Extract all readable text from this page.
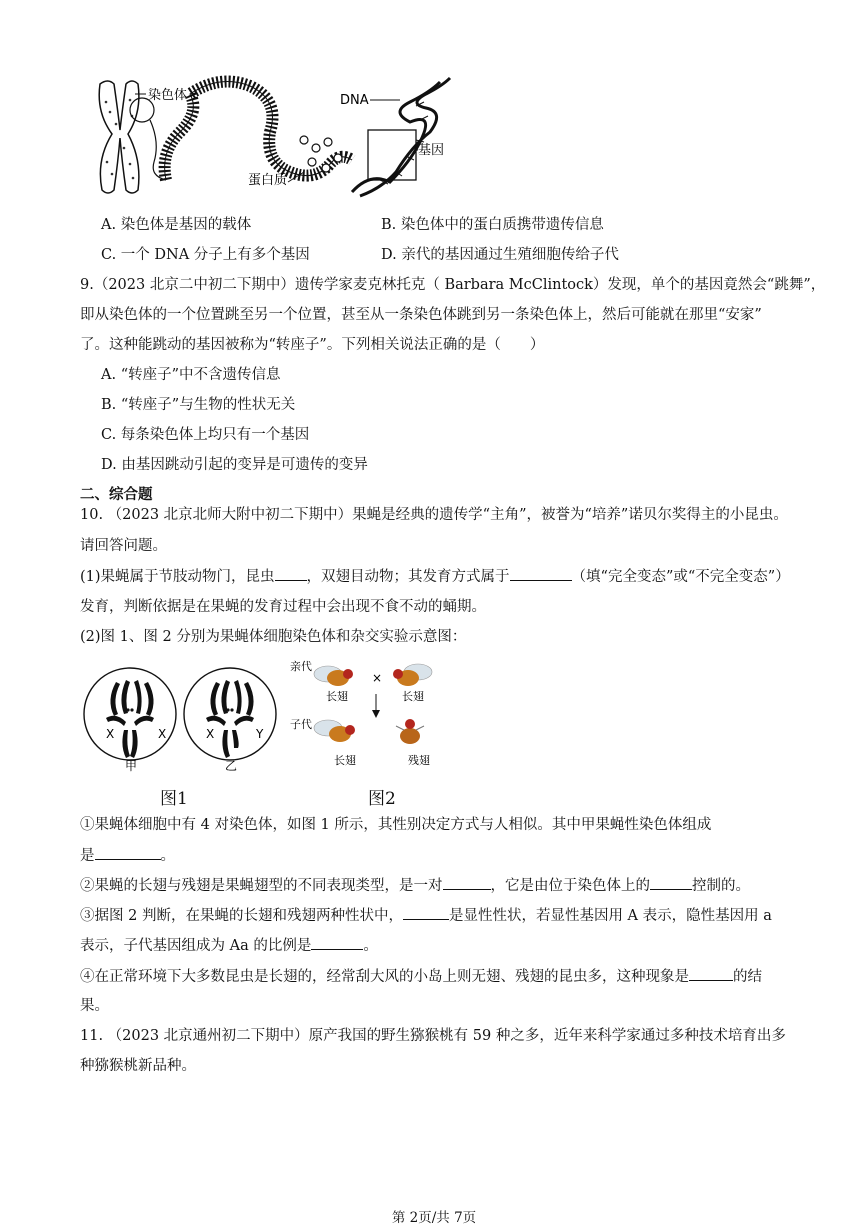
染色体	DNA
基因
蛋白质
A. 染色体是基因的载体	B. 染色体中的蛋白质携带遗传信息
C. 一个 DNA 分子上有多个基因	D. 亲代的基因通过生殖细胞传给子代
9.（2023 北京二中初二下期中）遗传学家麦克林托克（ Barbara McClintock）发现，单个的基因竟然会“跳舞”，
即从染色体的一个位置跳至另一个位置，甚至从一条染色体跳到另一条染色体上，然后可能就在那里“安家”
了。这种能跳动的基因被称为“转座子”。下列相关说法正确的是（　　）
A. “转座子”中不含遗传信息
B. “转座子”与生物的性状无关
C. 每条染色体上均只有一个基因
D. 由基因跳动引起的变异是可遗传的变异
二、综合题
10. （2023 北京北师大附中初二下期中）果蝇是经典的遗传学“主角”，被誉为“培养”诺贝尔奖得主的小昆虫。
请回答问题。
(1)果蝇属于节肢动物门，昆虫 ，双翅目动物；其发育方式属于	（填“完全变态”或“不完全变态”）
发育，判断依据是在果蝇的发育过程中会出现不食不动的蛹期。
(2)图 1、图 2 分别为果蝇体细胞染色体和杂交实验示意图：
X	X	X	Y
甲	乙
图1
亲代
×
长翅	长翅
子代
长翅	残翅
图2
①果蝇体细胞中有 4 对染色体，如图 1 所示，其性别决定方式与人相似。其中甲果蝇性染色体组成
是	。
②果蝇的长翅与残翅是果蝇翅型的不同表现类型，是一对	，它是由位于染色体上的	控制的。
③据图 2 判断，在果蝇的长翅和残翅两种性状中，	是显性性状，若显性基因用 A 表示，隐性基因用 a
表示，子代基因组成为 Aa 的比例是	。
④在正常环境下大多数昆虫是长翅的，经常刮大风的小岛上则无翅、残翅的昆虫多，这种现象是	的结
果。
11. （2023 北京通州初二下期中）原产我国的野生猕猴桃有 59 种之多，近年来科学家通过多种技术培育出多
种猕猴桃新品种。
第 2页/共 7页
